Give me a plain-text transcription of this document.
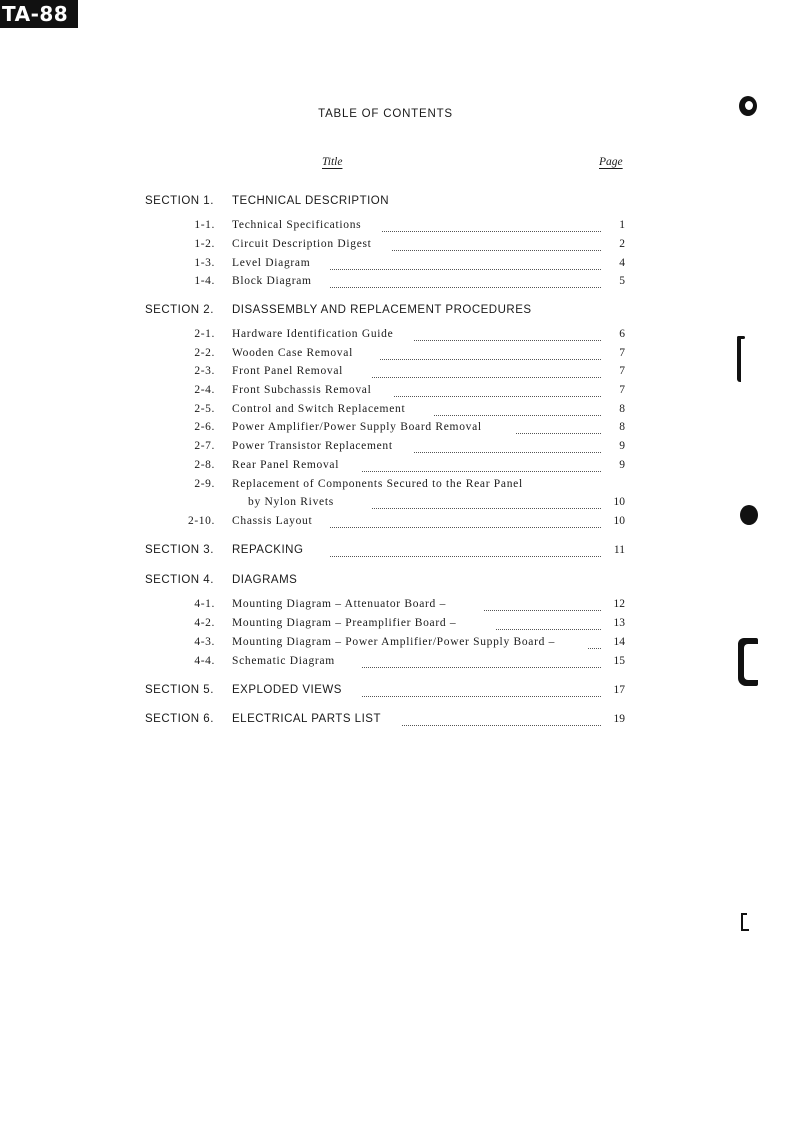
TA-88
TABLE OF CONTENTS
Title	Page
SECTION 1. TECHNICAL DESCRIPTION
1-1. Technical Specifications	1
1-2. Circuit Description Digest	2
1-3. Level Diagram	4
1-4. Block Diagram	5
SECTION 2. DISASSEMBLY AND REPLACEMENT PROCEDURES
2-1. Hardware Identification Guide	6
2-2. Wooden Case Removal	7
2-3. Front Panel Removal	7
2-4. Front Subchassis Removal	7
2-5. Control and Switch Replacement	8
2-6. Power Amplifier/Power Supply Board Removal	8
2-7. Power Transistor Replacement	9
2-8. Rear Panel Removal	9
2-9. Replacement of Components Secured to the Rear Panel
by Nylon Rivets	10
2-10. Chassis Layout	10
SECTION 3. REPACKING	11
SECTION 4. DIAGRAMS
4-1. Mounting Diagram – Attenuator Board –	12
4-2. Mounting Diagram – Preamplifier Board –	13
4-3. Mounting Diagram – Power Amplifier/Power Supply Board –	14
4-4. Schematic Diagram	15
SECTION 5. EXPLODED VIEWS	17
SECTION 6. ELECTRICAL PARTS LIST	19
